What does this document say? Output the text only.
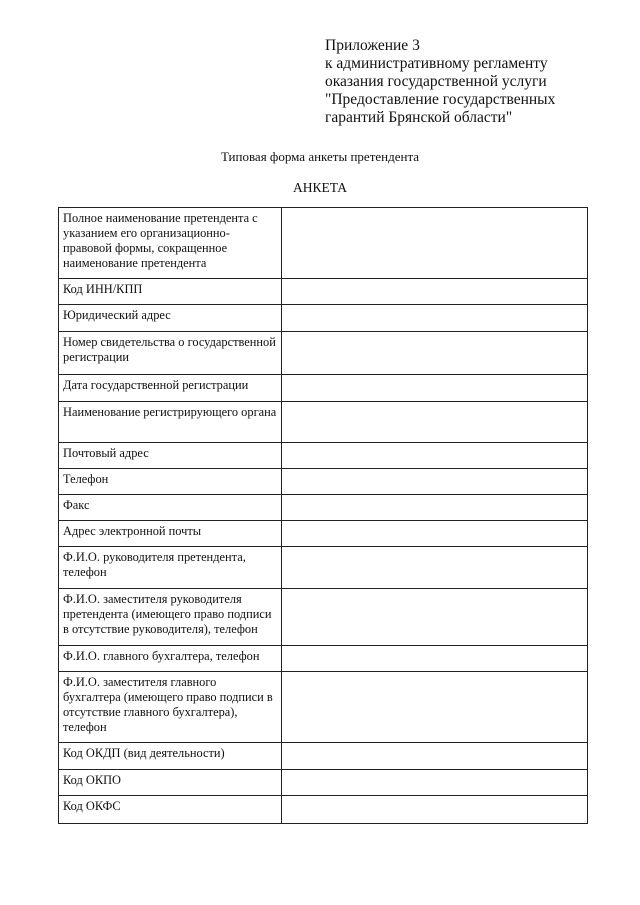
Приложение 3
к административному регламенту
оказания государственной услуги
"Предоставление государственных
гарантий Брянской области"
Типовая форма анкеты претендента
АНКЕТА
Полное наименование претендента с указанием его организационно-правовой формы, сокращенное наименование претендента	
Код ИНН/КПП	
Юридический адрес	
Номер свидетельства о государственной регистрации	
Дата государственной регистрации	
Наименование регистрирующего органа	
Почтовый адрес	
Телефон	
Факс	
Адрес электронной почты	
Ф.И.О. руководителя претендента, телефон	
Ф.И.О. заместителя руководителя претендента (имеющего право подписи в отсутствие руководителя), телефон	
Ф.И.О. главного бухгалтера, телефон	
Ф.И.О. заместителя главного бухгалтера (имеющего право подписи в отсутствие главного бухгалтера), телефон	
Код ОКДП (вид деятельности)	
Код ОКПО	
Код ОКФС	
